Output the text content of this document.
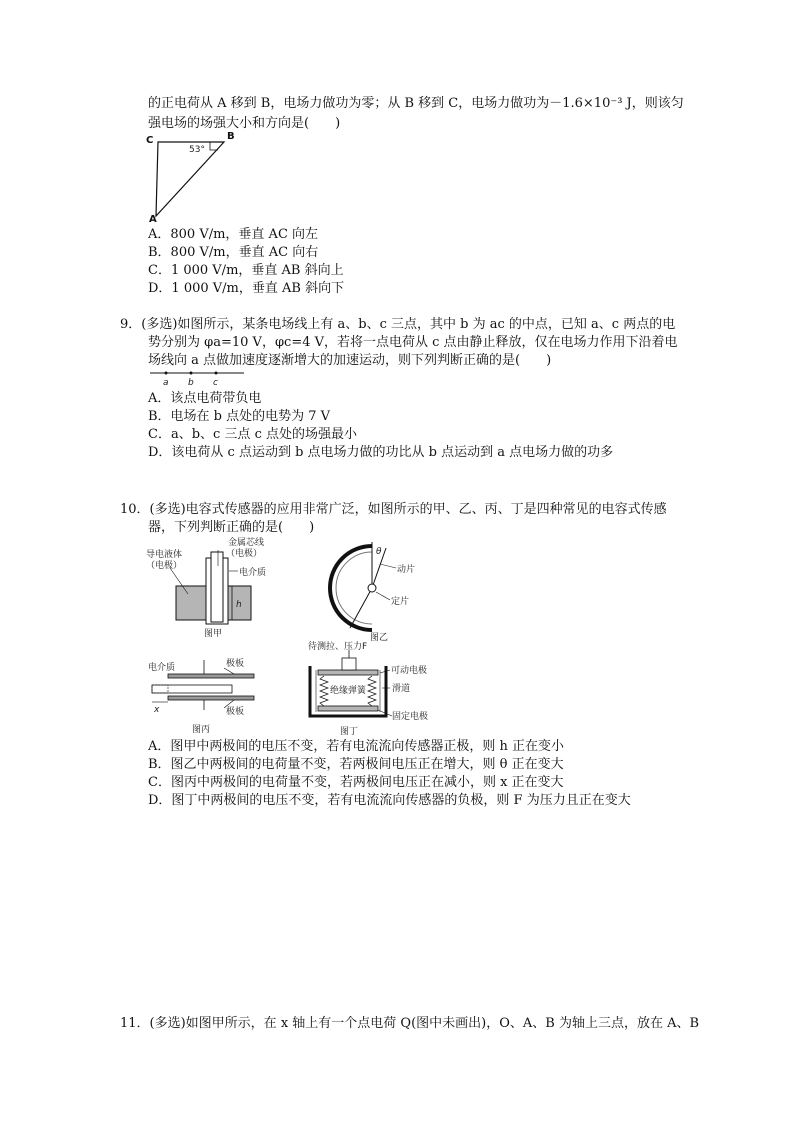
的正电荷从 A 移到 B，电场力做功为零；从 B 移到 C，电场力做功为－1.6×10⁻³ J，则该匀
强电场的场强大小和方向是(　　)
C	B
A
53°
A．800 V/m，垂直 AC 向左
B．800 V/m，垂直 AC 向右
C．1 000 V/m，垂直 AB 斜向上
D．1 000 V/m，垂直 AB 斜向下
9．(多选)如图所示，某条电场线上有 a、b、c 三点，其中 b 为 ac 的中点，已知 a、c 两点的电
势分别为 φa=10 V，φc=4 V，若将一点电荷从 c 点由静止释放，仅在电场力作用下沿着电
场线向 a 点做加速度逐渐增大的加速运动，则下列判断正确的是(　　)
a b c
A．该点电荷带负电
B．电场在 b 点处的电势为 7 V
C．a、b、c 三点 c 点处的场强最小
D．该电荷从 c 点运动到 b 点电场力做的功比从 b 点运动到 a 点电场力做的功多
10．(多选)电容式传感器的应用非常广泛，如图所示的甲、乙、丙、丁是四种常见的电容式传感
器，下列判断正确的是(　　)
金属芯线
（电极）
导电液体
（电极）
电介质
h
图甲
θ
动片
定片
图乙
电介质	极板
极板
x
图丙
待测拉、压力F
可动电极
滑道
绝缘弹簧
固定电极
图丁
A．图甲中两极间的电压不变，若有电流流向传感器正极，则 h 正在变小
B．图乙中两极间的电荷量不变，若两极间电压正在增大，则 θ 正在变大
C．图丙中两极间的电荷量不变，若两极间电压正在减小，则 x 正在变大
D．图丁中两极间的电压不变，若有电流流向传感器的负极，则 F 为压力且正在变大
11．(多选)如图甲所示，在 x 轴上有一个点电荷 Q(图中未画出)，O、A、B 为轴上三点，放在 A、B
